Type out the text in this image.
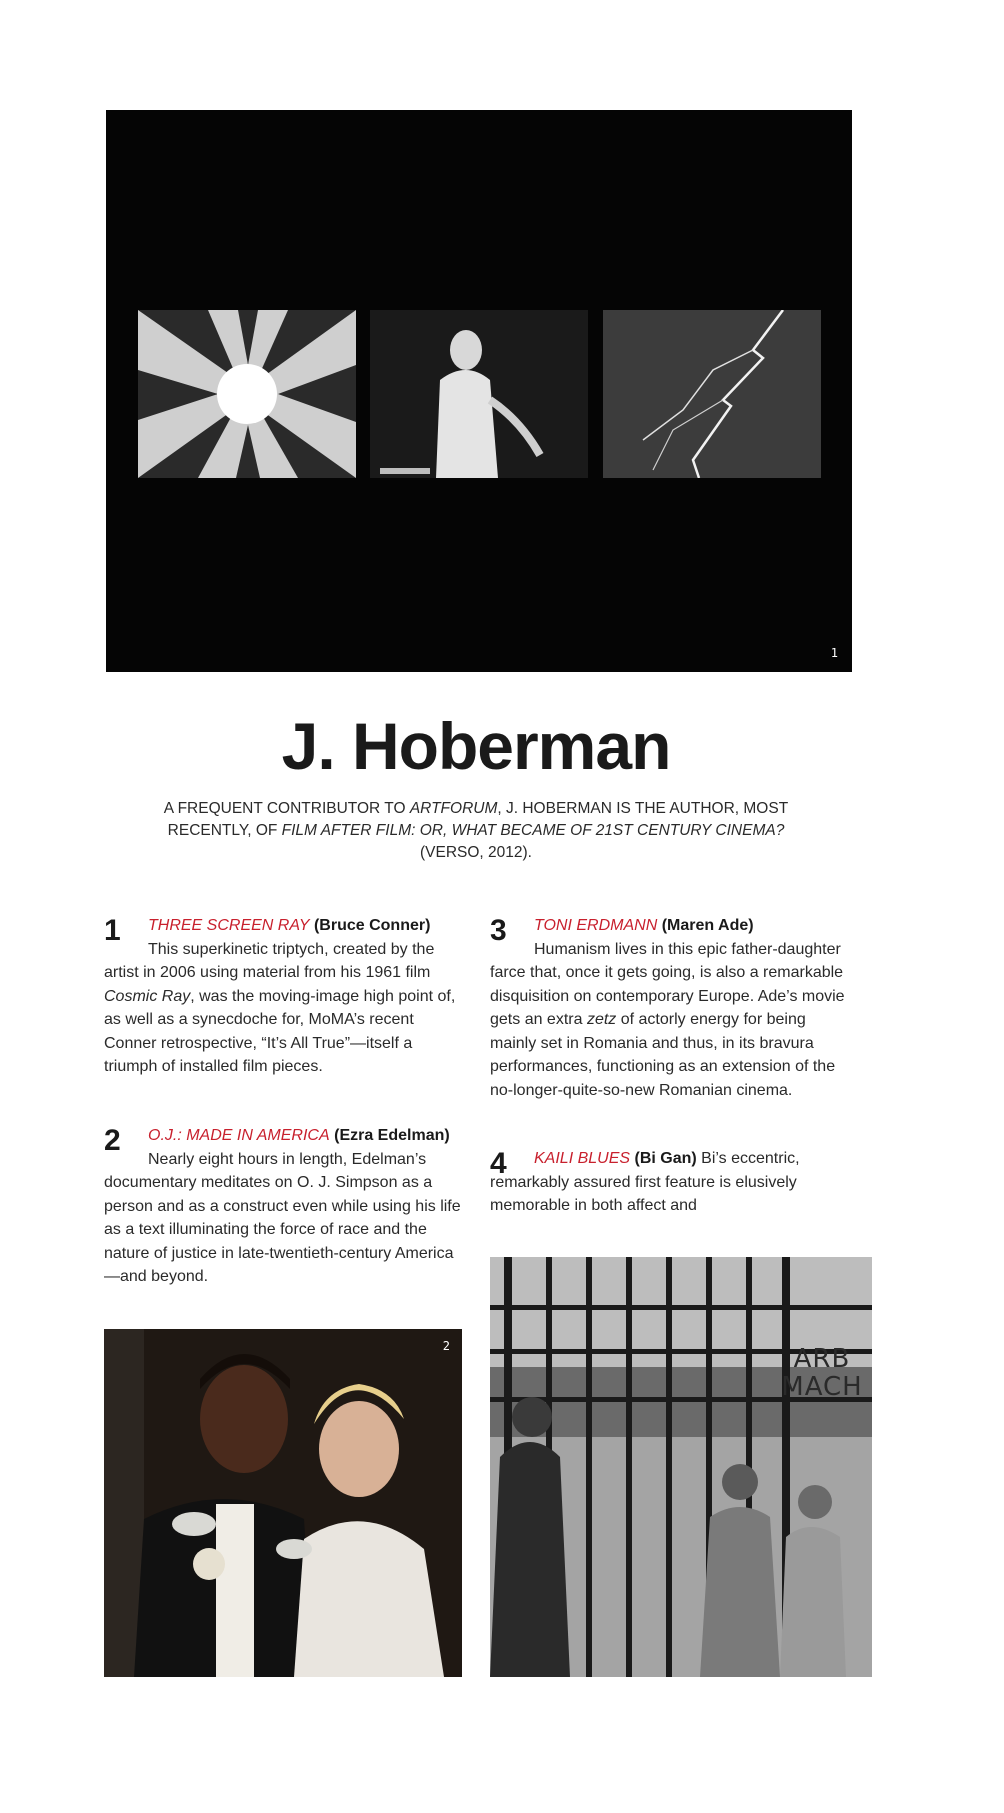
1
J. Hoberman
A FREQUENT CONTRIBUTOR TO ARTFORUM, J. HOBERMAN IS THE AUTHOR, MOST RECENTLY, OF FILM AFTER FILM: OR, WHAT BECAME OF 21ST CENTURY CINEMA? (VERSO, 2012).
1	THREE SCREEN RAY (Bruce Conner)
This superkinetic triptych, created by the artist in 2006 using material from his 1961 film Cosmic Ray, was the moving-image high point of, as well as a synecdoche for, MoMA’s recent Conner retrospective, “It’s All True”—itself a triumph of installed film pieces.
2	O.J.: MADE IN AMERICA (Ezra Edelman)
Nearly eight hours in length, Edelman’s documentary meditates on O. J. Simpson as a person and as a construct even while using his life as a text illuminating the force of race and the nature of justice in late-twentieth-century America—and beyond.
3	TONI ERDMANN (Maren Ade)
Humanism lives in this epic father-daughter farce that, once it gets going, is also a remarkable disquisition on contemporary Europe. Ade’s movie gets an extra zetz of actorly energy for being mainly set in Romania and thus, in its bravura performances, functioning as an extension of the no-longer-quite-so-new Romanian cinema.
4 KAILI BLUES (Bi Gan) Bi’s eccentric, remarkably assured first feature is elusively memorable in both affect and
2	ARB
MACH
